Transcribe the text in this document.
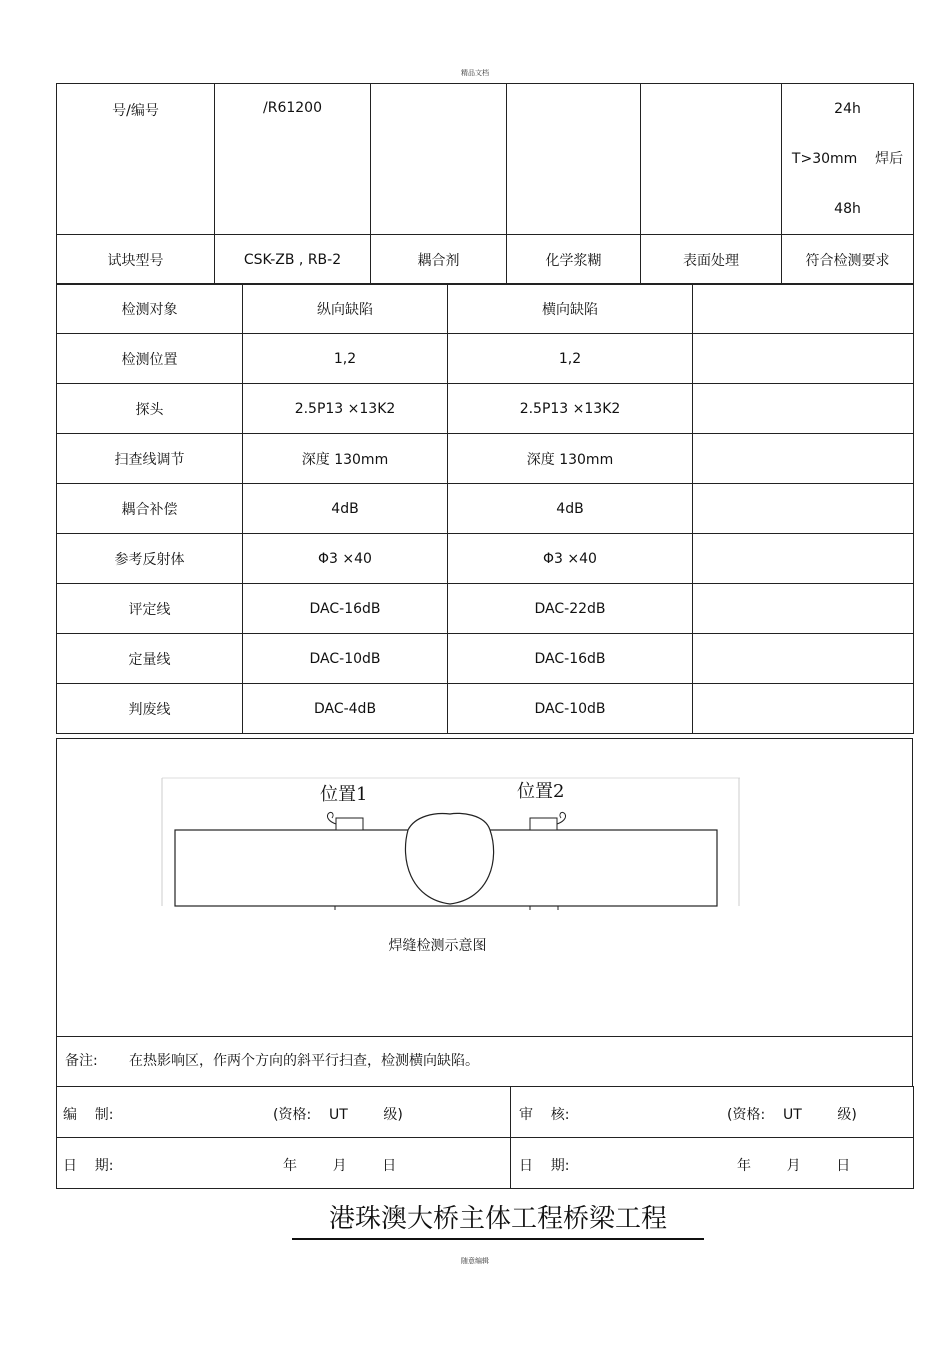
精品文档
号/编号	/R61200				24h
T>30mm    焊后
48h

试块型号	CSK-ZB , RB-2	耦合剂	化学浆糊	表面处理	符合检测要求
检测对象	纵向缺陷	横向缺陷	
检测位置	1,2	1,2	
探头	2.5P13 ×13K2	2.5P13 ×13K2	
扫查线调节	深度 130mm	深度 130mm	
耦合补偿	4dB	4dB	
参考反射体	Φ3 ×40	Φ3 ×40	
评定线	DAC-16dB	DAC-22dB	
定量线	DAC-10dB	DAC-16dB	
判废线	DAC-4dB	DAC-10dB	
位置1	位置2
焊缝检测示意图
备注: 在热影响区，作两个方向的斜平行扫查，检测横向缺陷。
编    制: (资格:    UT        级)	审    核: (资格:    UT        级)

日    期: 年        月        日	日    期: 年        月        日
港珠澳大桥主体工程桥梁工程
随意编辑
